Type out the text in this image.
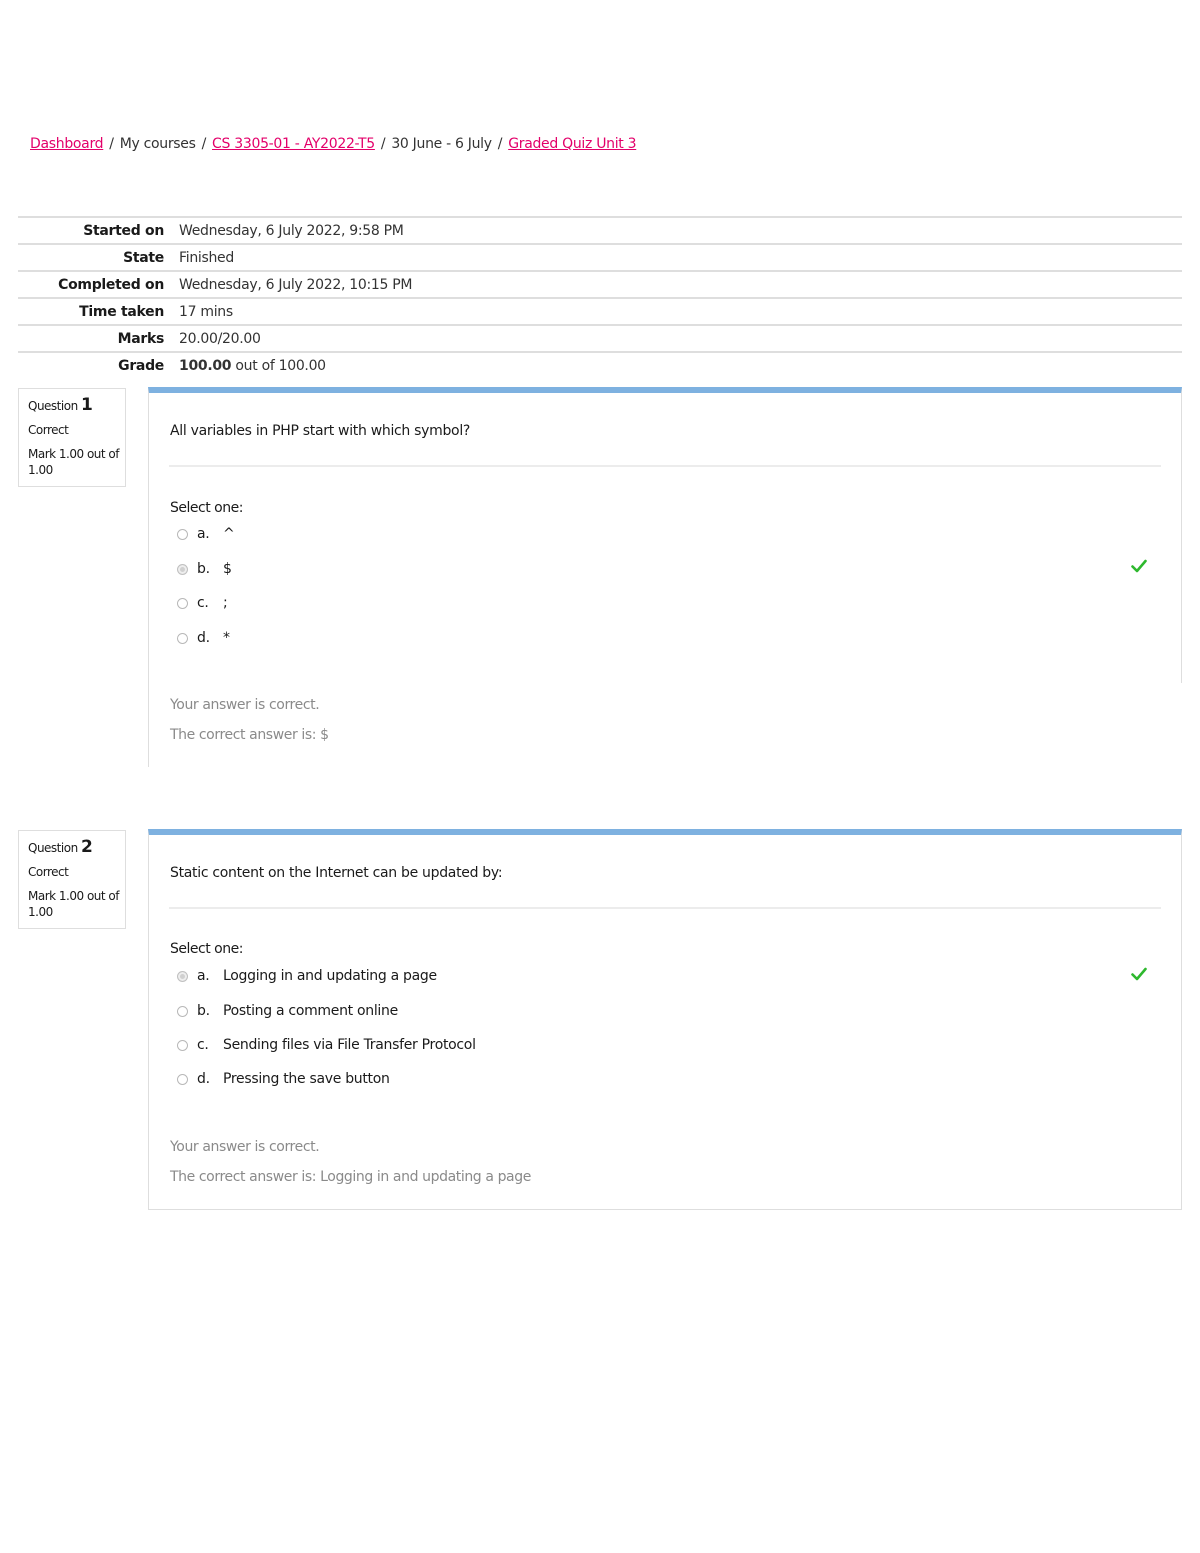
Dashboard / My courses / CS 3305-01 - AY2022-T5 / 30 June - 6 July / Graded Quiz Unit 3
Started on	Wednesday, 6 July 2022, 9:58 PM
State	Finished
Completed on	Wednesday, 6 July 2022, 10:15 PM
Time taken	17 mins
Marks	20.00/20.00
Grade	100.00 out of 100.00
Question 1
Correct
Mark 1.00 out of 1.00
All variables in PHP start with which symbol?
Select one:
a. ^
b. $
c.	;
d. *

Your answer is correct.

The correct answer is: $

Question 2
Correct
Mark 1.00 out of 1.00
Static content on the Internet can be updated by:
Select one:
a. Logging in and updating a page
b. Posting a comment online
c.	Sending files via File Transfer Protocol
d. Pressing the save button

Your answer is correct.

The correct answer is: Logging in and updating a page
